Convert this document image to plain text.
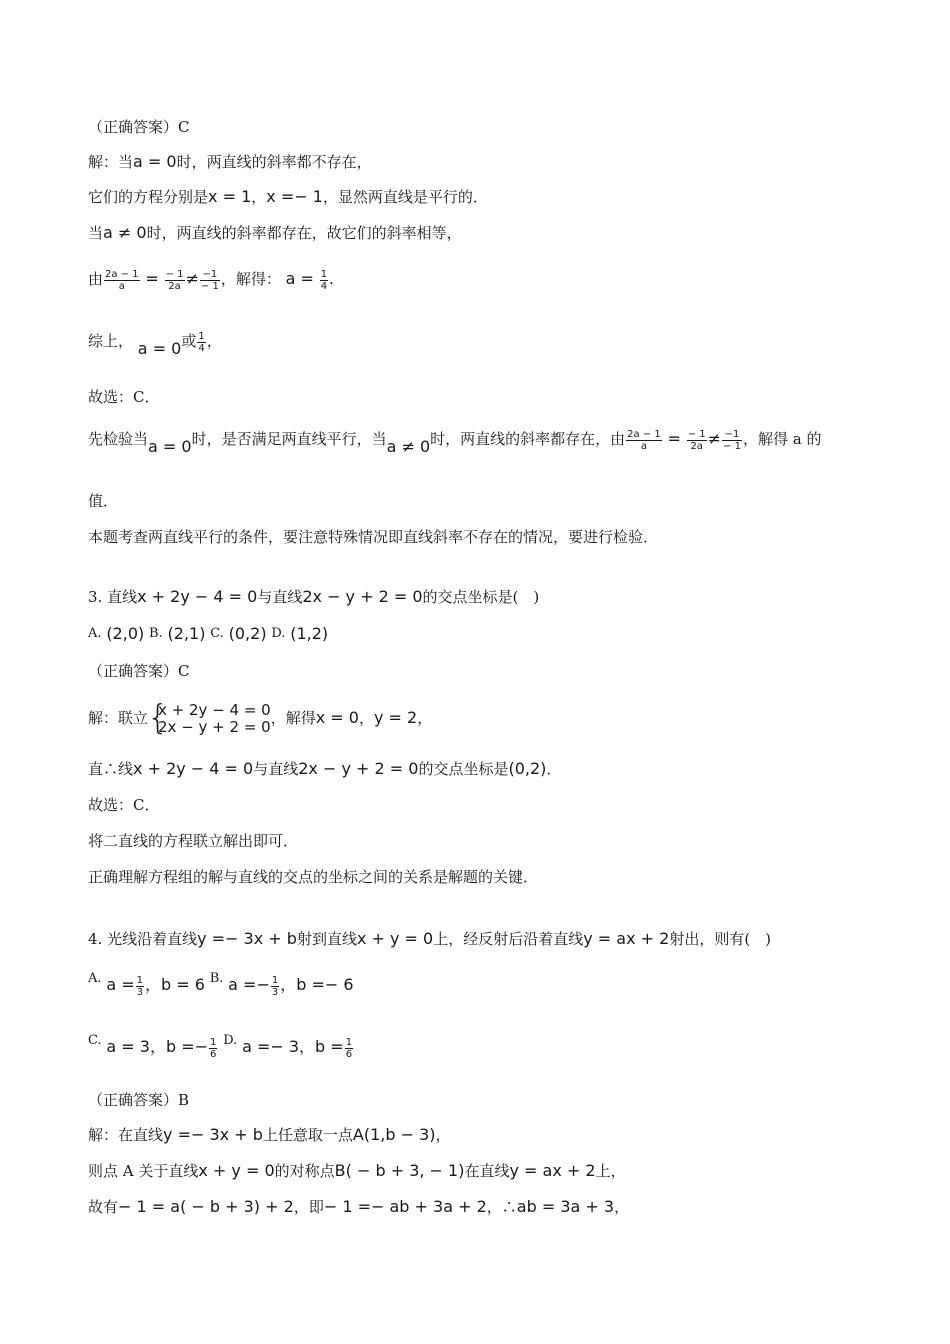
（正确答案）C
解：当a = 0时，两直线的斜率都不存在，
它们的方程分别是x = 1，x =− 1，显然两直线是平行的．
当a ≠ 0时，两直线的斜率都存在，故它们的斜率相等，
由 $\frac{2a - 1}{a} = \frac{- 1}{2a} \ne \frac{-1}{- 1}$ ，解得： $a = \frac{1}{4}$ .
综上， a = 0或 $\frac{1}{4}$ ，
故选：C．
先检验当a = 0时，是否满足两直线平行，当a ≠ 0时，两直线的斜率都存在，由 $\frac{2a - 1}{a} = \frac{- 1}{2a} \ne \frac{-1}{- 1}$ ，解得 a 的
值．
本题考查两直线平行的条件，要注意特殊情况即直线斜率不存在的情况，要进行检验．
3. 直线x + 2y − 4 = 0与直线2x − y + 2 = 0的交点坐标是(　)
A. (2,0) B. (2,1) C. (0,2) D. (1,2)
（正确答案）C
解：联立 {
x + 2y − 4 = 0
2x − y + 2 = 0 ，解得x = 0，y = 2，
直∴线x + 2y − 4 = 0与直线2x − y + 2 = 0的交点坐标是(0,2)．
故选：C．
将二直线的方程联立解出即可．
正确理解方程组的解与直线的交点的坐标之间的关系是解题的关键．
4. 光线沿着直线y =− 3x + b射到直线x + y = 0上，经反射后沿着直线y = ax + 2射出，则有(　)
A. $a = \frac{1}{3}$ ，b = 6 B. $a =- \frac{1}{3}$ ，b =− 6
C. a = 3，$b =- \frac{1}{6} D$. a =− 3，$b = \frac{1}{6}$
（正确答案）B
解：在直线y =− 3x + b上任意取一点A(1,b − 3)，
则点 A 关于直线x + y = 0的对称点B( − b + 3, − 1)在直线y = ax + 2上，
故有− 1 = a( − b + 3) + 2，即− 1 =− ab + 3a + 2，∴ab = 3a + 3，
